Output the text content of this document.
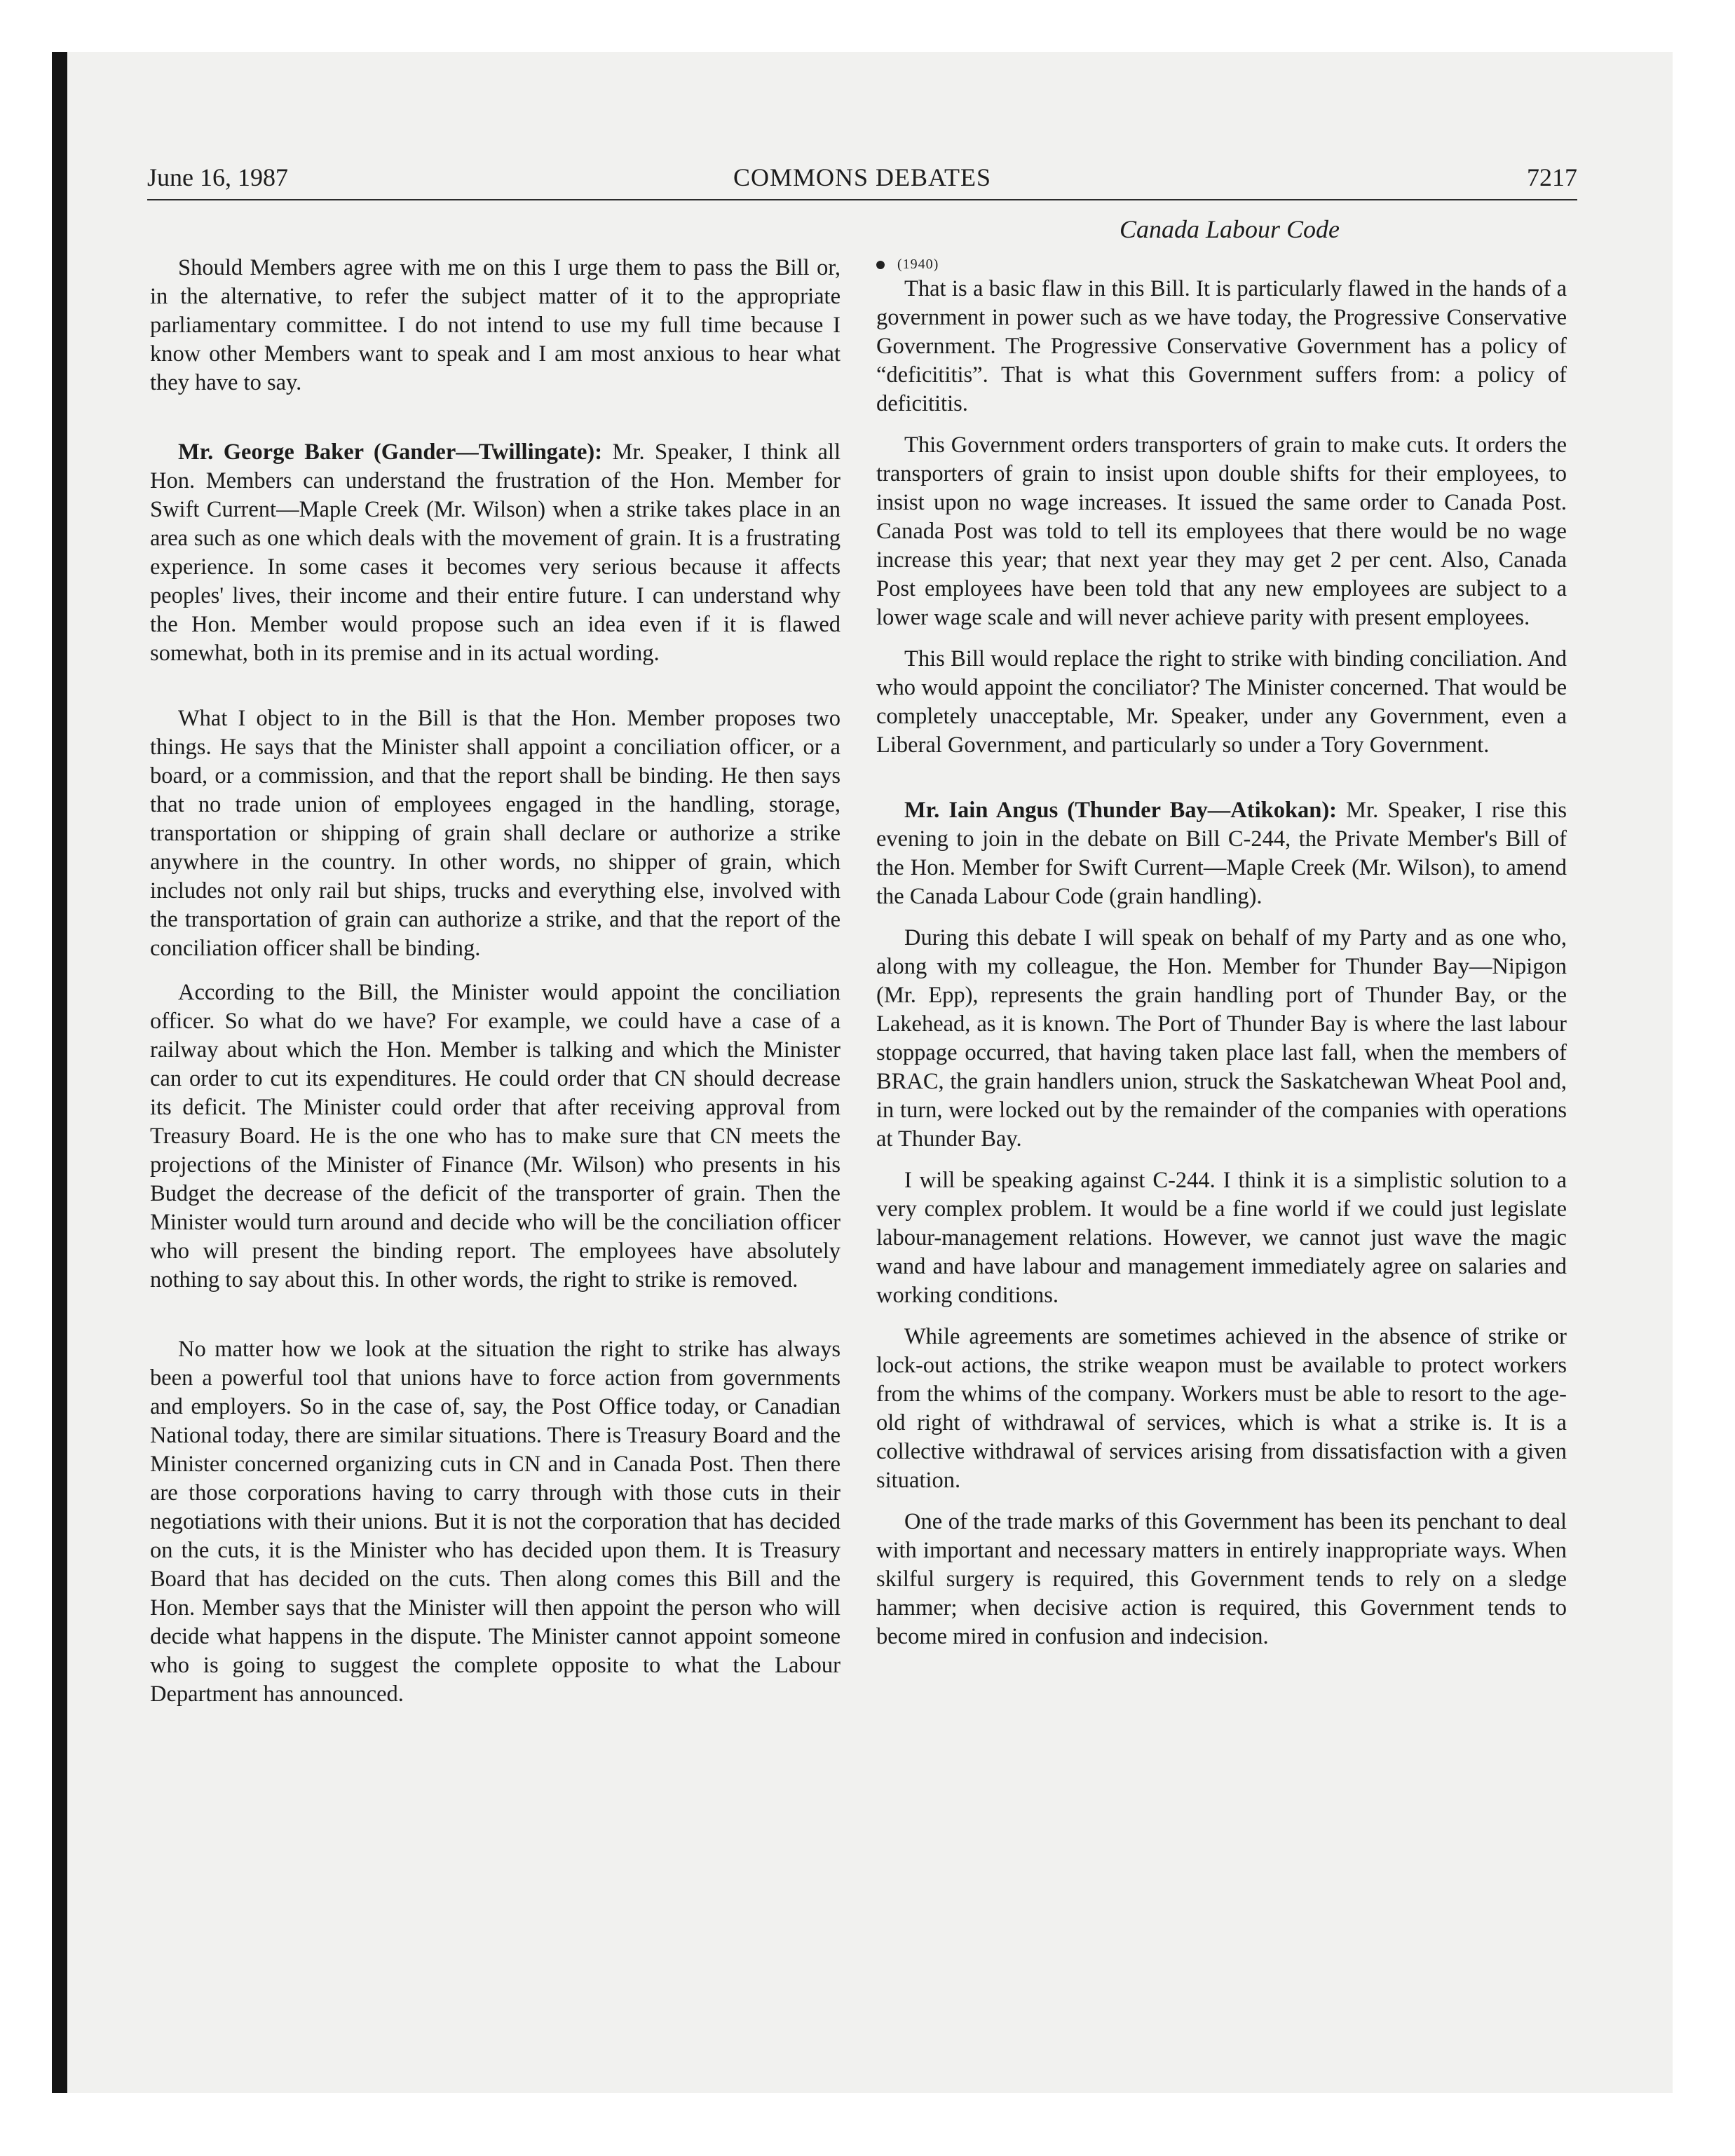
June 16, 1987	COMMONS DEBATES	7217
Canada Labour Code

Should Members agree with me on this I urge them to pass the Bill or, in the alternative, to refer the subject matter of it to the appropriate parliamentary committee. I do not intend to use my full time because I know other Members want to speak and I am most anxious to hear what they have to say.

Mr. George Baker (Gander—Twillingate): Mr. Speaker, I think all Hon. Members can understand the frustration of the Hon. Member for Swift Current—Maple Creek (Mr. Wilson) when a strike takes place in an area such as one which deals with the movement of grain. It is a frustrating experience. In some cases it becomes very serious because it affects peoples' lives, their income and their entire future. I can understand why the Hon. Member would propose such an idea even if it is flawed somewhat, both in its premise and in its actual wording.

What I object to in the Bill is that the Hon. Member proposes two things. He says that the Minister shall appoint a conciliation officer, or a board, or a commission, and that the report shall be binding. He then says that no trade union of employees engaged in the handling, storage, transportation or shipping of grain shall declare or authorize a strike anywhere in the country. In other words, no shipper of grain, which includes not only rail but ships, trucks and everything else, involved with the transportation of grain can authorize a strike, and that the report of the conciliation officer shall be binding.

According to the Bill, the Minister would appoint the conciliation officer. So what do we have? For example, we could have a case of a railway about which the Hon. Member is talking and which the Minister can order to cut its expenditures. He could order that CN should decrease its deficit. The Minister could order that after receiving approval from Treasury Board. He is the one who has to make sure that CN meets the projections of the Minister of Finance (Mr. Wilson) who presents in his Budget the decrease of the deficit of the transporter of grain. Then the Minister would turn around and decide who will be the conciliation officer who will present the binding report. The employees have absolutely nothing to say about this. In other words, the right to strike is removed.

No matter how we look at the situation the right to strike has always been a powerful tool that unions have to force action from governments and employers. So in the case of, say, the Post Office today, or Canadian National today, there are similar situations. There is Treasury Board and the Minister concerned organizing cuts in CN and in Canada Post. Then there are those corporations having to carry through with those cuts in their negotiations with their unions. But it is not the corporation that has decided on the cuts, it is the Minister who has decided upon them. It is Treasury Board that has decided on the cuts. Then along comes this Bill and the Hon. Member says that the Minister will then appoint the person who will decide what happens in the dispute. The Minister cannot appoint someone who is going to suggest the complete opposite to what the Labour Department has announced.

(1940)

That is a basic flaw in this Bill. It is particularly flawed in the hands of a government in power such as we have today, the Progressive Conservative Government. The Progressive Conservative Government has a policy of “deficititis”. That is what this Government suffers from: a policy of deficititis.

This Government orders transporters of grain to make cuts. It orders the transporters of grain to insist upon double shifts for their employees, to insist upon no wage increases. It issued the same order to Canada Post. Canada Post was told to tell its employees that there would be no wage increase this year; that next year they may get 2 per cent. Also, Canada Post employees have been told that any new employees are subject to a lower wage scale and will never achieve parity with present employees.

This Bill would replace the right to strike with binding conciliation. And who would appoint the conciliator? The Minister concerned. That would be completely unacceptable, Mr. Speaker, under any Government, even a Liberal Government, and particularly so under a Tory Government.

Mr. Iain Angus (Thunder Bay—Atikokan): Mr. Speaker, I rise this evening to join in the debate on Bill C-244, the Private Member's Bill of the Hon. Member for Swift Current—Maple Creek (Mr. Wilson), to amend the Canada Labour Code (grain handling).

During this debate I will speak on behalf of my Party and as one who, along with my colleague, the Hon. Member for Thunder Bay—Nipigon (Mr. Epp), represents the grain handling port of Thunder Bay, or the Lakehead, as it is known. The Port of Thunder Bay is where the last labour stoppage occurred, that having taken place last fall, when the members of BRAC, the grain handlers union, struck the Saskatchewan Wheat Pool and, in turn, were locked out by the remainder of the companies with operations at Thunder Bay.

I will be speaking against C-244. I think it is a simplistic solution to a very complex problem. It would be a fine world if we could just legislate labour-management relations. However, we cannot just wave the magic wand and have labour and management immediately agree on salaries and working conditions.

While agreements are sometimes achieved in the absence of strike or lock-out actions, the strike weapon must be available to protect workers from the whims of the company. Workers must be able to resort to the age-old right of withdrawal of services, which is what a strike is. It is a collective withdrawal of services arising from dissatisfaction with a given situation.

One of the trade marks of this Government has been its penchant to deal with important and necessary matters in entirely inappropriate ways. When skilful surgery is required, this Government tends to rely on a sledge hammer; when decisive action is required, this Government tends to become mired in confusion and indecision.
